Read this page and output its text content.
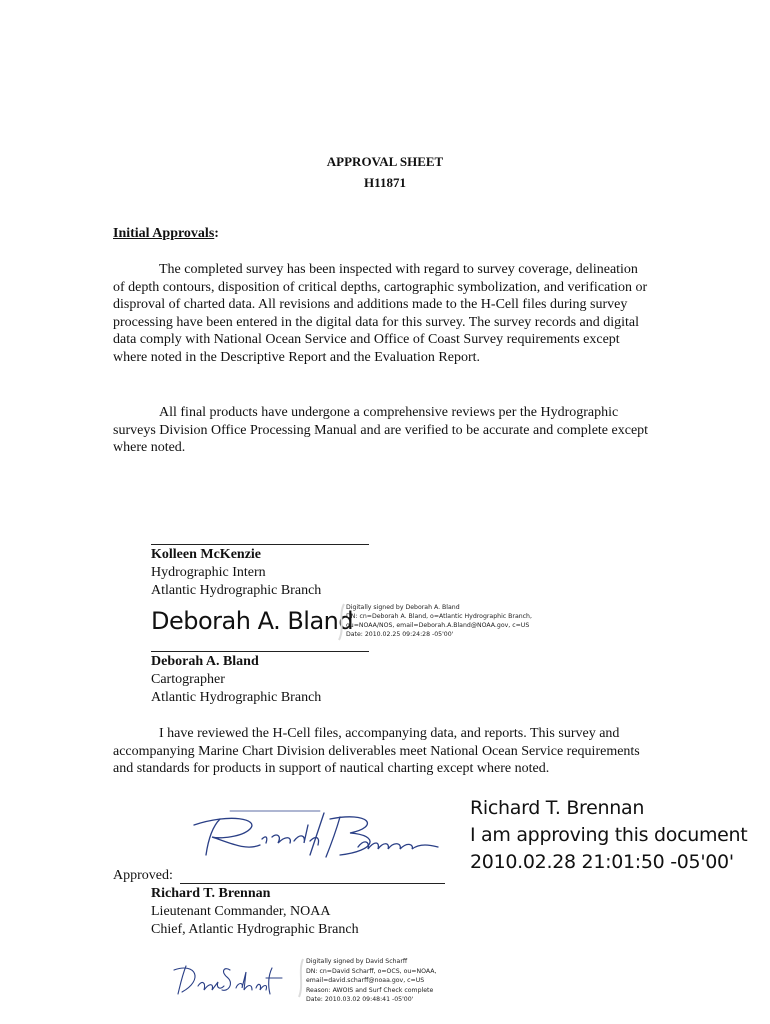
APPROVAL SHEET
H11871
Initial Approvals:
The completed survey has been inspected with regard to survey coverage, delineation of depth contours, disposition of critical depths, cartographic symbolization, and verification or disproval of charted data. All revisions and additions made to the H-Cell files during survey processing have been entered in the digital data for this survey. The survey records and digital data comply with National Ocean Service and Office of Coast Survey requirements except where noted in the Descriptive Report and the Evaluation Report.
All final products have undergone a comprehensive reviews per the Hydrographic surveys Division Office Processing Manual and are verified to be accurate and complete except where noted.
Kolleen McKenzie
Hydrographic Intern
Atlantic Hydrographic Branch
Deborah A. Bland
Digitally signed by Deborah A. Bland
DN: cn=Deborah A. Bland, o=Atlantic Hydrographic Branch,
ou=NOAA/NOS, email=Deborah.A.Bland@NOAA.gov, c=US
Date: 2010.02.25 09:24:28 -05'00'
Deborah A. Bland
Cartographer
Atlantic Hydrographic Branch
I have reviewed the H-Cell files, accompanying data, and reports. This survey and accompanying Marine Chart Division deliverables meet National Ocean Service requirements and standards for products in support of nautical charting except where noted.
Richard T. Brennan
I am approving this document
2010.02.28 21:01:50 -05'00'
Approved:
Richard T. Brennan
Lieutenant Commander, NOAA
Chief, Atlantic Hydrographic Branch
Digitally signed by David Scharff
DN: cn=David Scharff, o=OCS, ou=NOAA,
email=david.scharff@noaa.gov, c=US
Reason: AWOIS and Surf Check complete
Date: 2010.03.02 09:48:41 -05'00'
